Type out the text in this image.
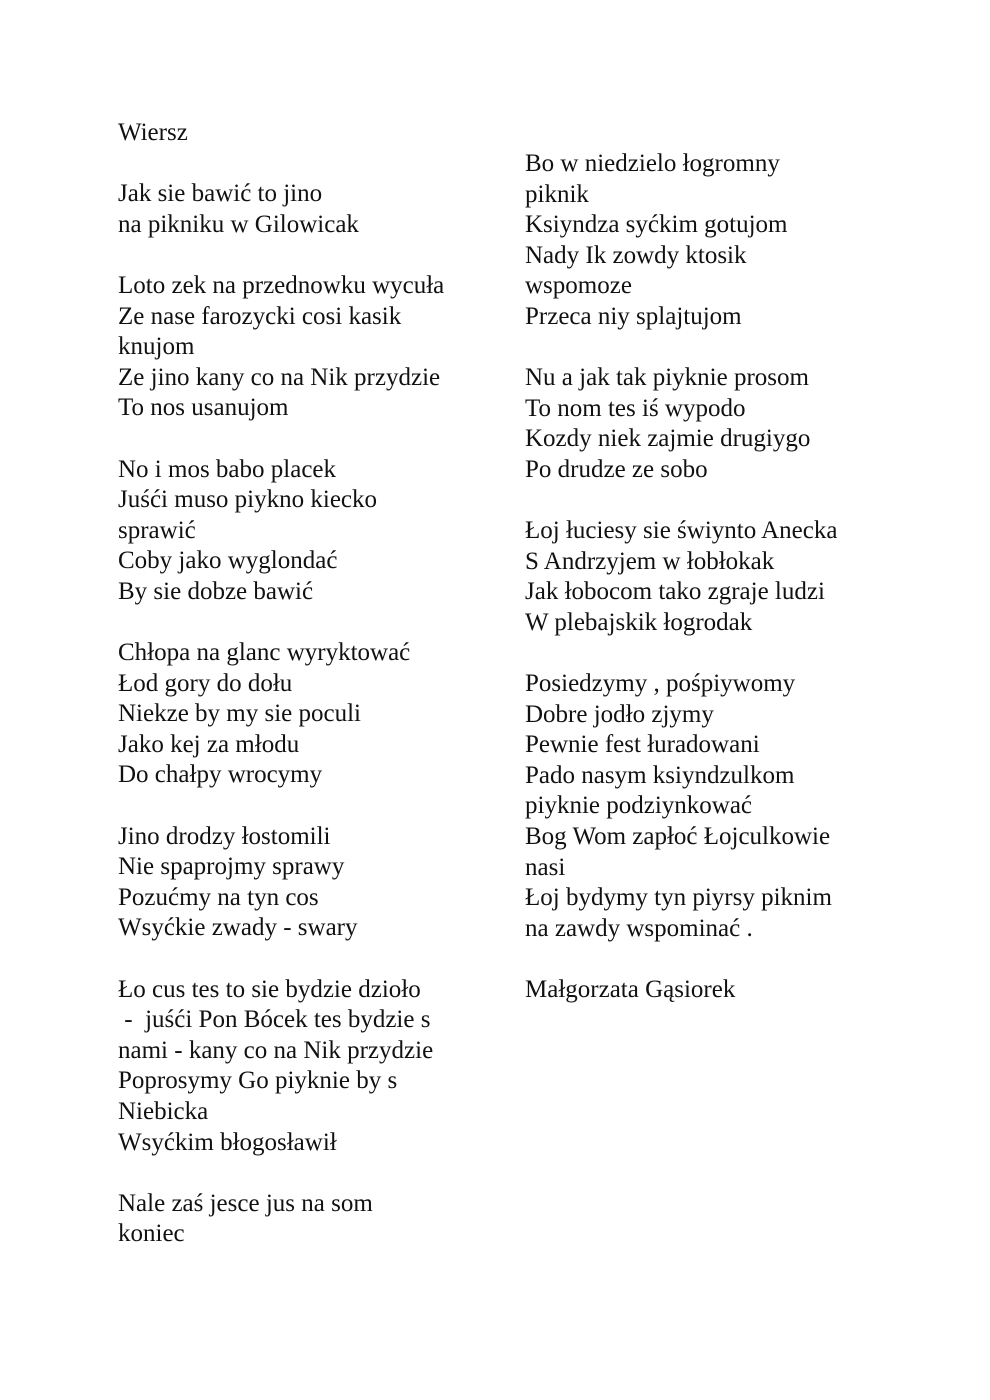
Wiersz
Jak sie bawić to jino
na pikniku w Gilowicak
Loto zek na przednowku wycuła
Ze nase farozycki cosi kasik
knujom
Ze jino kany co na Nik przydzie
To nos usanujom
No i mos babo placek
Juśći muso piykno kiecko
sprawić
Coby jako wyglondać
By sie dobze bawić
Chłopa na glanc wyryktować
Łod gory do dołu
Niekze by my sie poculi
Jako kej za młodu
Do chałpy wrocymy
Jino drodzy łostomili
Nie spaprojmy sprawy
Pozućmy na tyn cos
Wsyćkie zwady - swary
Ło cus tes to sie bydzie dzioło
-  juśći Pon Bócek tes bydzie s
nami - kany co na Nik przydzie
Poprosymy Go piyknie by s
Niebicka
Wsyćkim błogosławił
Nale zaś jesce jus na som
koniec
Bo w niedzielo łogromny
piknik
Ksiyndza syćkim gotujom
Nady Ik zowdy ktosik
wspomoze
Przeca niy splajtujom
Nu a jak tak piyknie prosom
To nom tes iś wypodo
Kozdy niek zajmie drugiygo
Po drudze ze sobo
Łoj łuciesy sie świynto Anecka
S Andrzyjem w łobłokak
Jak łobocom tako zgraje ludzi
W plebajskik łogrodak
Posiedzymy , pośpiywomy
Dobre jodło zjymy
Pewnie fest łuradowani
Pado nasym ksiyndzulkom
piyknie podziynkować
Bog Wom zapłoć Łojculkowie
nasi
Łoj bydymy tyn piyrsy piknim
na zawdy wspominać .
Małgorzata Gąsiorek
